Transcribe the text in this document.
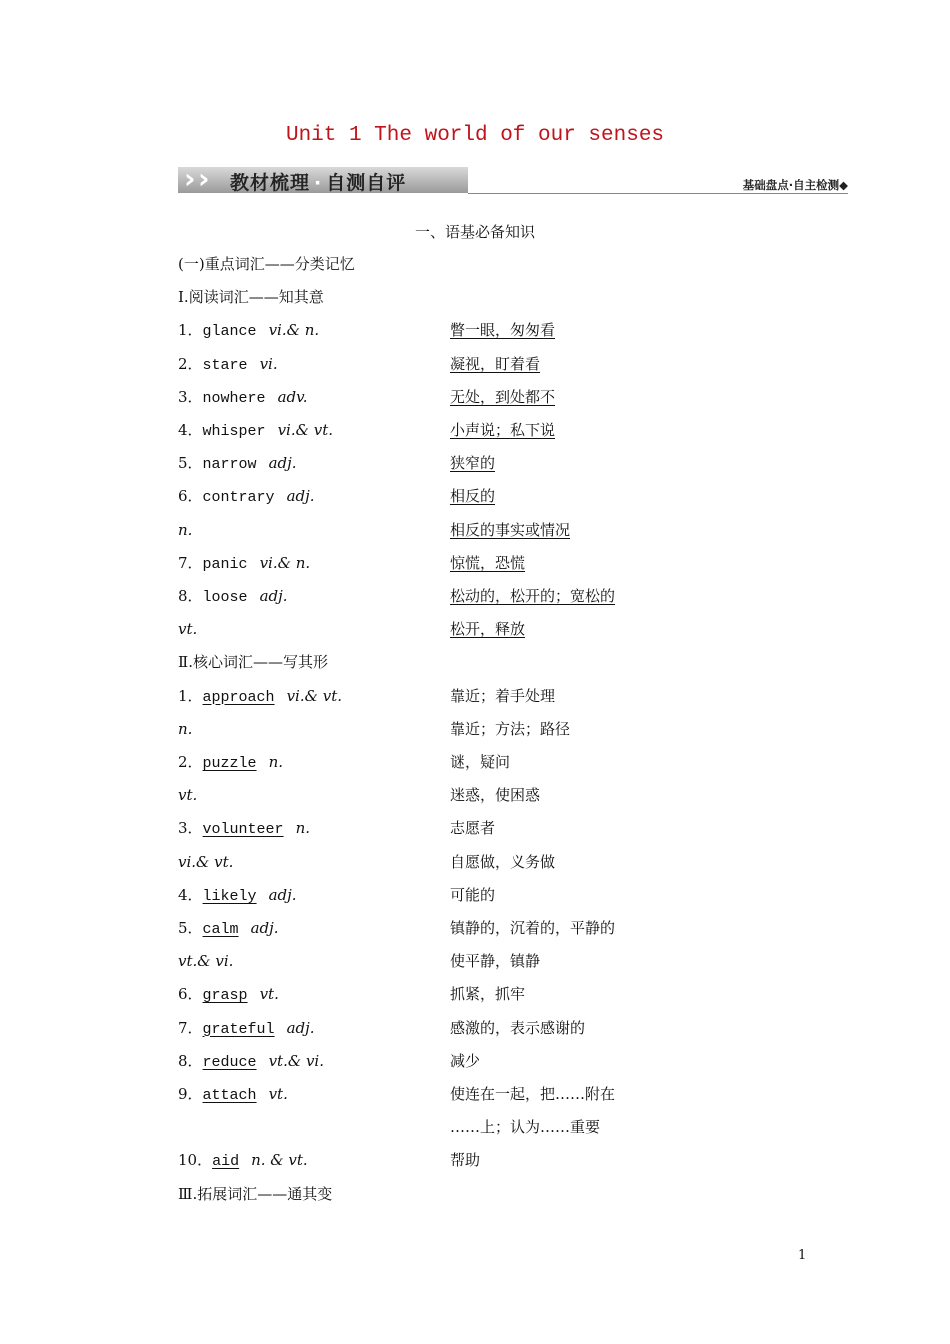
Unit 1 The world of our senses
› › 教材梳理 · 自测自评	基础盘点·自主检测◆
一、语基必备知识
(一)重点词汇——分类记忆
Ⅰ.阅读词汇——知其意
1．glance vi.& n.	瞥一眼，匆匆看
2．stare vi.	凝视，盯着看
3．nowhere adv.	无处，到处都不
4．whisper vi.& vt.	小声说；私下说
5．narrow adj.	狭窄的
6．contrary adj.	相反的
n.	相反的事实或情况
7．panic vi.& n.	惊慌，恐慌
8．loose adj.	松动的，松开的；宽松的
vt.	松开，释放
Ⅱ.核心词汇——写其形
1．approach vi.& vt.	靠近；着手处理
n.	靠近；方法；路径
2．puzzle n.	谜，疑问
vt.	迷惑，使困惑
3．volunteer n.	志愿者
vi.& vt.	自愿做，义务做
4．likely adj.	可能的
5．calm adj.	镇静的，沉着的，平静的
vt.& vi.	使平静，镇静
6．grasp vt.	抓紧，抓牢
7．grateful adj.	感激的，表示感谢的
8．reduce vt.& vi.	减少
9．attach vt.	使连在一起，把……附在
……上；认为……重要
10．aid n. & vt.	帮助
Ⅲ.拓展词汇——通其变
1
